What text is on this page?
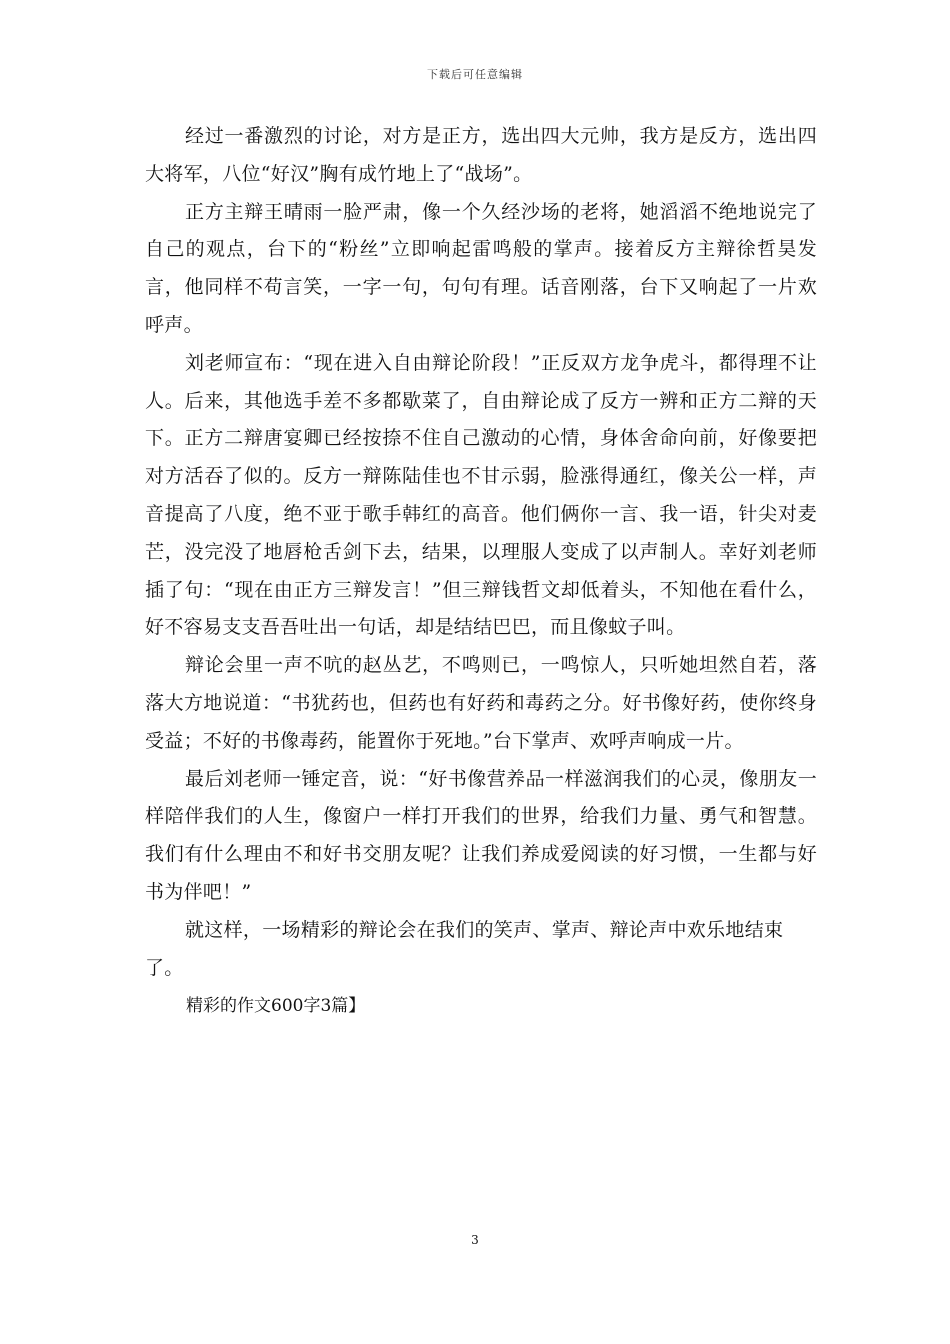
下载后可任意编辑

经过一番激烈的讨论，对方是正方，选出四大元帅，我方是反方，选出四大将军，八位“好汉”胸有成竹地上了“战场”。

正方主辩王晴雨一脸严肃，像一个久经沙场的老将，她滔滔不绝地说完了自己的观点，台下的“粉丝”立即响起雷鸣般的掌声。接着反方主辩徐哲昊发言，他同样不苟言笑，一字一句，句句有理。话音刚落，台下又响起了一片欢呼声。

刘老师宣布：“现在进入自由辩论阶段！”正反双方龙争虎斗，都得理不让人。后来，其他选手差不多都歇菜了，自由辩论成了反方一辨和正方二辩的天下。正方二辩唐宴卿已经按捺不住自己激动的心情，身体舍命向前，好像要把对方活吞了似的。反方一辩陈陆佳也不甘示弱，脸涨得通红，像关公一样，声音提高了八度，绝不亚于歌手韩红的高音。他们俩你一言、我一语，针尖对麦芒，没完没了地唇枪舌剑下去，结果，以理服人变成了以声制人。幸好刘老师插了句：“现在由正方三辩发言！”但三辩钱哲文却低着头，不知他在看什么，好不容易支支吾吾吐出一句话，却是结结巴巴，而且像蚊子叫。

辩论会里一声不吭的赵丛艺，不鸣则已，一鸣惊人，只听她坦然自若，落落大方地说道：“书犹药也，但药也有好药和毒药之分。好书像好药，使你终身受益；不好的书像毒药，能置你于死地。”台下掌声、欢呼声响成一片。

最后刘老师一锤定音，说：“好书像营养品一样滋润我们的心灵，像朋友一样陪伴我们的人生，像窗户一样打开我们的世界，给我们力量、勇气和智慧。我们有什么理由不和好书交朋友呢？让我们养成爱阅读的好习惯，一生都与好书为伴吧！”

就这样，一场精彩的辩论会在我们的笑声、掌声、辩论声中欢乐地结束了。

精彩的作文600字3篇】
3
